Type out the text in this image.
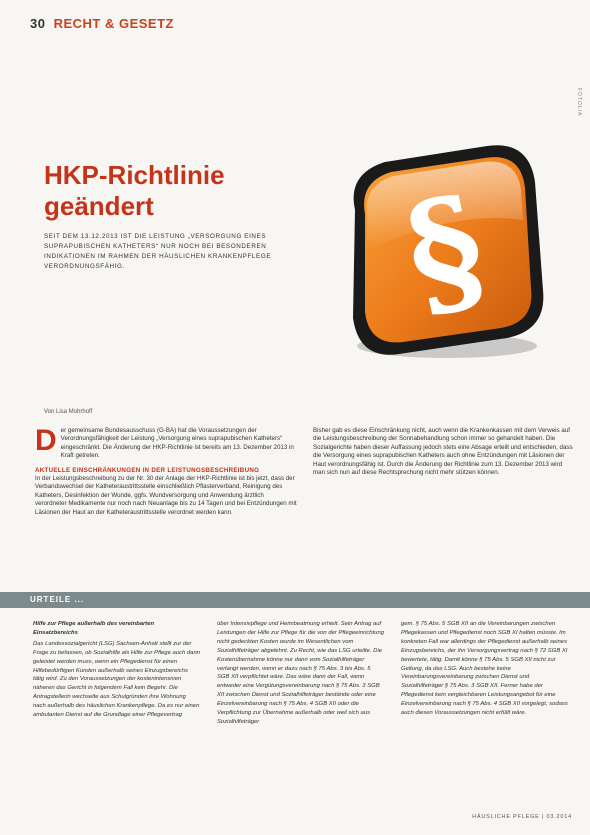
30 RECHT & GESETZ
FOTOLIA
HKP-Richtlinie geändert
SEIT DEM 13.12.2013 IST DIE LEISTUNG „VERSORGUNG EINES SUPRAPUBISCHEN KATHETERS“ NUR NOCH BEI BESONDEREN INDIKATIONEN IM RAHMEN DER HÄUSLICHEN KRANKENPFLEGE VERORDNUNGSFÄHIG.	§
Von Lisa Mohrhoff

Der gemeinsame Bundesausschuss (G-BA) hat die Voraussetzungen der Verordnungsfähigkeit der Leistung „Versorgung eines suprapubischen Katheters“ eingeschränkt. Die Änderung der HKP-Richtlinie ist bereits am 13. Dezember 2013 in Kraft getreten.

AKTUELLE EINSCHRÄNKUNGEN IN DER LEISTUNGSBESCHREIBUNG

In der Leistungsbeschreibung zu der Nr. 30 der Anlage der HKP-Richtlinie ist bis jetzt, dass der Verbandswechsel der Katheteraustrittsstelle einschließlich Pflasterverband, Reinigung des Katheters, Desinfektion der Wunde, ggfs. Wundversorgung und Anwendung ärztlich verordneter Medikamente nur noch nach Neuanlage bis zu 14 Tagen und bei Entzündungen mit Läsionen der Haut an der Katheteraustrittsstelle verordnet werden kann.

Bisher gab es diese Einschränkung nicht, auch wenn die Krankenkassen mit dem Verweis auf die Leistungsbeschreibung der Sonnabehandlung schon immer so gehandelt haben. Die Sozialgerichte haben dieser Auffassung jedoch stets eine Absage erteilt und entschieden, dass die Versorgung eines suprapubischen Katheters auch ohne Entzündungen mit Läsionen der Haut verordnungsfähig ist. Durch die Änderung der Richtlinie zum 13. Dezember 2013 wird man sich nun auf diese Rechtsprechung nicht mehr stützen können.

URTEILE ...

Hilfe zur Pflege außerhalb des vereinbarten Einsatzbereichs

Das Landessozialgericht (LSG) Sachsen-Anhalt stellt zur der Frage zu befassen, ob Sozialhilfe als Hilfe zur Pflege auch dann geleistet werden muss, wenn ein Pflegedienst für einen Hilfebedürftigen Kunden außerhalb seines Einzugsbereichs tätig wird. Zu den Voraussetzungen der kostenintensiven näheren das Gericht in folgendem Fall kein Begehr. Die Antragstellerin wechselte aus Schulgründen ihre Wohnung nach außerhalb des häuslichen Krankenpflege. Da es nur einen ambulanten Dienst auf die Grundlage einer Pflegevertrag

über Intensivpflege und Heimbeatmung erhielt. Sein Antrag auf Leistungen der Hilfe zur Pflege für die von der Pflegeeinrichtung nicht gedeckten Kosten wurde im Wesentlichen vom Sozialhilfeträger abgelehnt. Zu Recht, wie das LSG urteilte. Die Kostenübernahme könne nur dann vom Sozialhilfeträger verlangt werden, wenn er dazu nach § 75 Abs. 3 bis Abs. 5 SGB XII verpflichtet wäre. Das wäre dann der Fall, wenn entweder eine Vergütungsvereinbarung nach § 75 Abs. 3 SGB XII zwischen Dienst und Sozialhilfeträger bestände oder eine Einzelvereinbarung nach § 75 Abs. 4 SGB XII oder die Verpflichtung zur Übernahme außerhalb oder weil sich aus Sozialhilfeträger

gem. § 75 Abs. 5 SGB XII an die Vereinbarungen zwischen Pflegekassen und Pflegedienst noch SGB XI halten müsste. Im konkreten Fall war allerdings der Pflegedienst außerhalb seines Einzugsbereichs, der ihn Versorgungsvertrag nach § 72 SGB XI bewertete, tätig. Damit könne § 75 Abs. 5 SGB XII nicht zur Geltung, da das LSG. Auch bestehe keine Vereinbarungsvereinbarung zwischen Dienst und Sozialhilfeträger § 75 Abs. 3 SGB XII. Ferner habe der Pflegedienst kein vergleichbaren Leistungsangebot für eine Einzelvereinbarung nach § 75 Abs. 4 SGB XII vorgelegt, sodass auch diesen Voraussetzungen nicht erfüllt wäre.

HÄUSLICHE PFLEGE | 03.2014
